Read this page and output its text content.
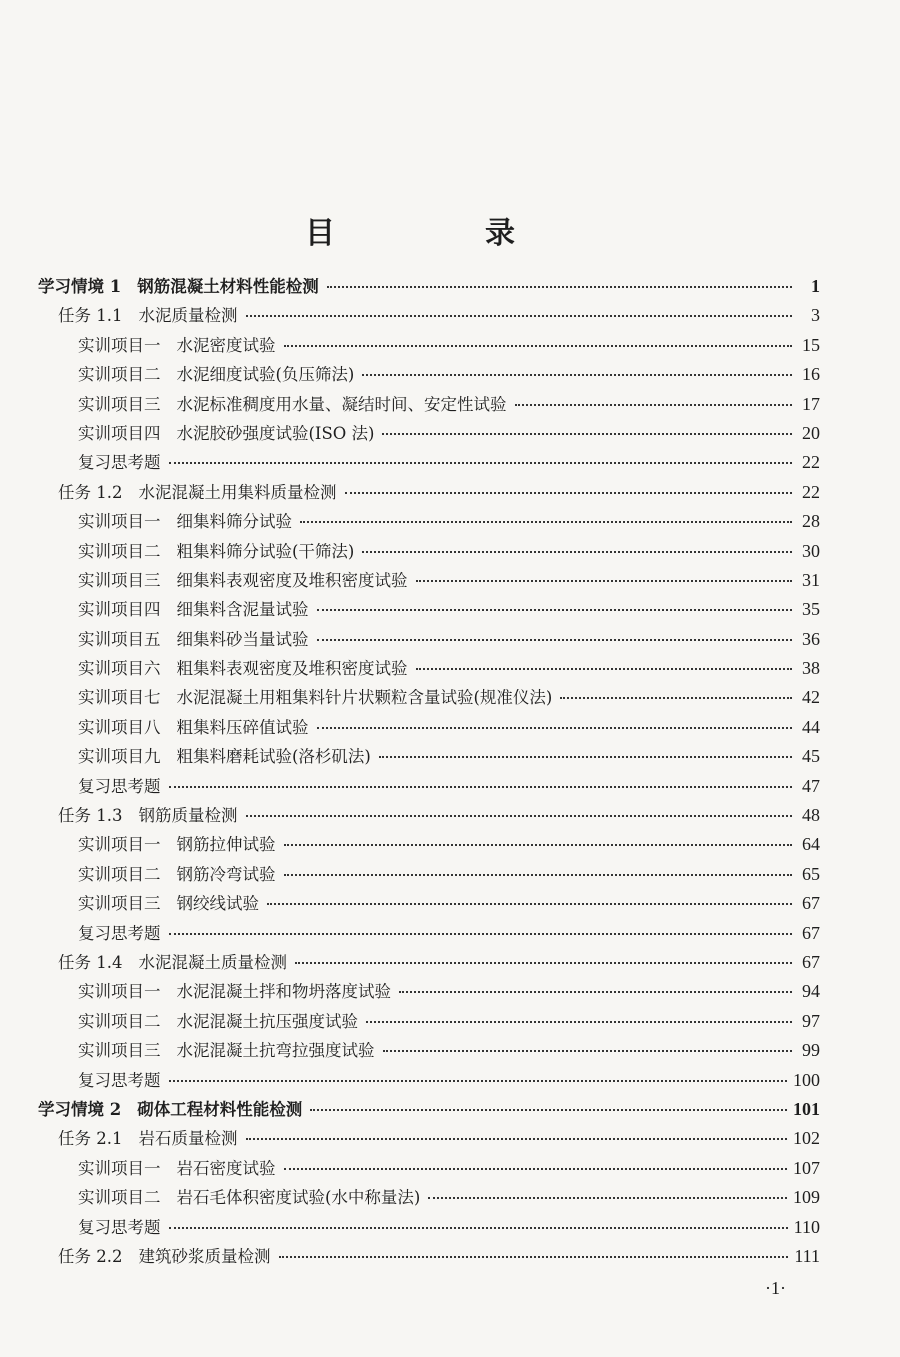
目　录
学习情境 1 钢筋混凝土材料性能检测	1
任务 1.1 水泥质量检测	3
实训项目一 水泥密度试验	15
实训项目二 水泥细度试验(负压筛法)	16
实训项目三 水泥标准稠度用水量、凝结时间、安定性试验	17
实训项目四 水泥胶砂强度试验(ISO 法)	20
复习思考题	22
任务 1.2 水泥混凝土用集料质量检测	22
实训项目一 细集料筛分试验	28
实训项目二 粗集料筛分试验(干筛法)	30
实训项目三 细集料表观密度及堆积密度试验	31
实训项目四 细集料含泥量试验	35
实训项目五 细集料砂当量试验	36
实训项目六 粗集料表观密度及堆积密度试验	38
实训项目七 水泥混凝土用粗集料针片状颗粒含量试验(规准仪法)	42
实训项目八 粗集料压碎值试验	44
实训项目九 粗集料磨耗试验(洛杉矶法)	45
复习思考题	47
任务 1.3 钢筋质量检测	48
实训项目一 钢筋拉伸试验	64
实训项目二 钢筋冷弯试验	65
实训项目三 钢绞线试验	67
复习思考题	67
任务 1.4 水泥混凝土质量检测	67
实训项目一 水泥混凝土拌和物坍落度试验	94
实训项目二 水泥混凝土抗压强度试验	97
实训项目三 水泥混凝土抗弯拉强度试验	99
复习思考题	100
学习情境 2 砌体工程材料性能检测	101
任务 2.1 岩石质量检测	102
实训项目一 岩石密度试验	107
实训项目二 岩石毛体积密度试验(水中称量法)	109
复习思考题	110
任务 2.2 建筑砂浆质量检测	111
·1·
